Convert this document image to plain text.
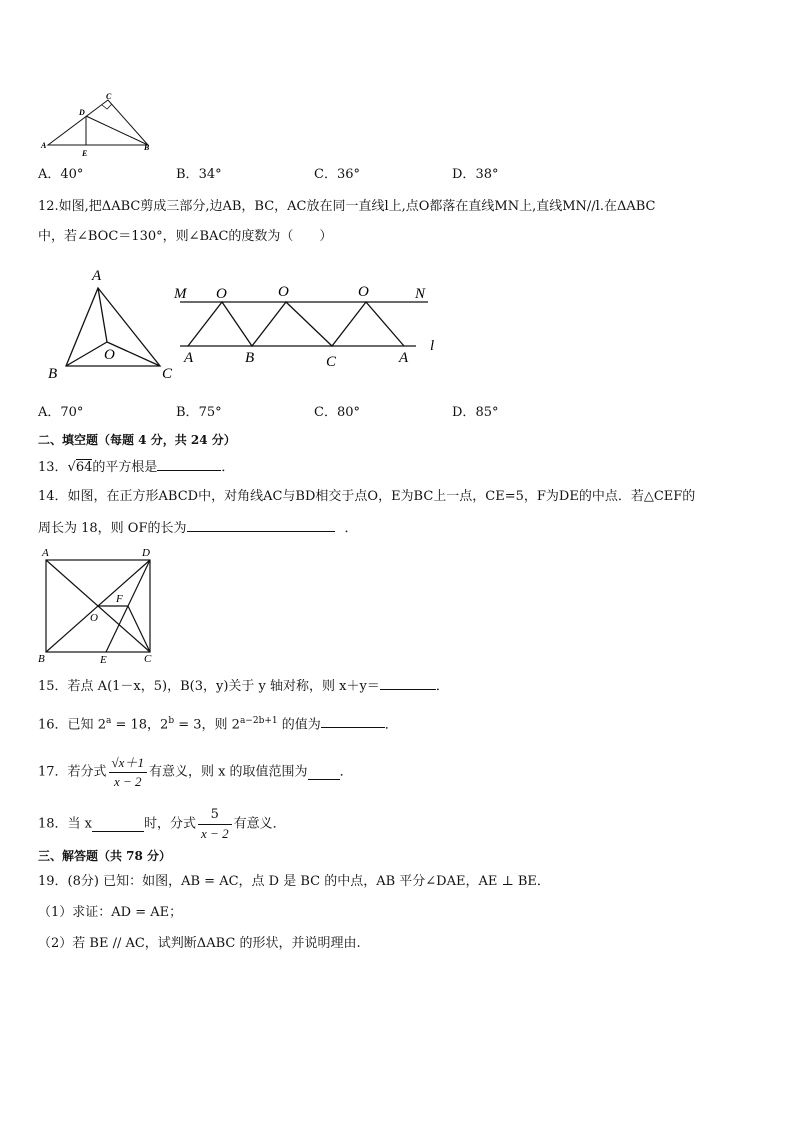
C
D
A
E
B
A．40°	B．34°	C．36°	D．38°
12.如图,把ΔABC剪成三部分,边AB，BC，AC放在同一直线l上,点O都落在直线MN上,直线MN//l.在ΔABC
中，若∠BOC＝130°，则∠BAC的度数为（　　）
A
O
B	C
M O	O	O	N
A	B	C	A
l
A．70°	B．75°	C．80°	D．85°
二、填空题（每题 4 分，共 24 分）
13．√64的平方根是	．
14．如图，在正方形ABCD中，对角线AC与BD相交于点O，E为BC上一点，CE=5，F为DE的中点．若△CEF的
周长为 18，则 OF的长为	．
A	D
F
O
B	E	C
15．若点 A(1－x，5)，B(3，y)关于 y 轴对称，则 x＋y＝	．
16．已知 $2^a = 18$，$2^b = 3$，则 $2^{a-2b+1}$ 的值为	．
17．若分式 $\frac{√x+1}{x - 2}$ 有意义，则 x 的取值范围为 ．
18．当 x	时，分式 $\frac{5}{x - 2}$ 有意义．
三、解答题（共 78 分）
19．(8分) 已知：如图，AB = AC，点 D 是 BC 的中点，AB 平分∠DAE，AE ⊥ BE．
（1）求证：AD = AE；
（2）若 BE // AC，试判断ΔABC 的形状，并说明理由.
